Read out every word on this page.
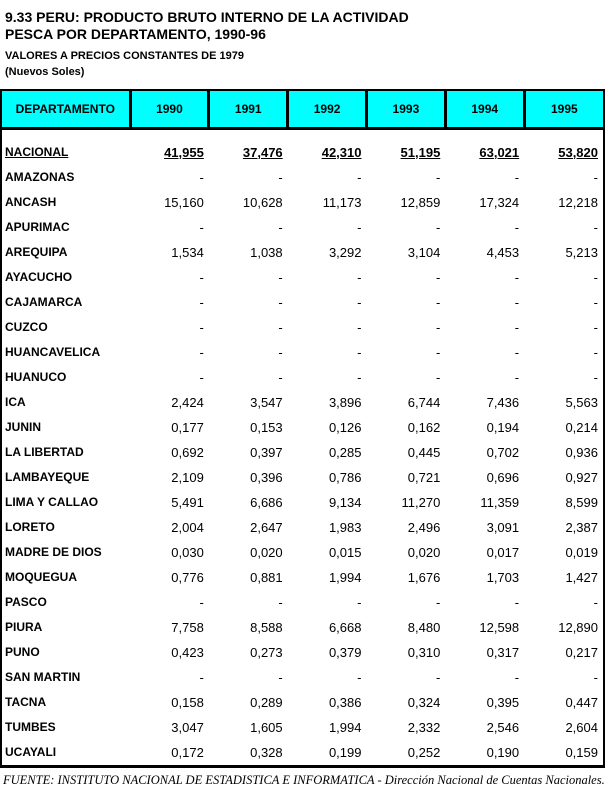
9.33 PERU: PRODUCTO BRUTO INTERNO DE LA ACTIVIDAD
PESCA POR DEPARTAMENTO, 1990-96
VALORES A PRECIOS CONSTANTES DE 1979
(Nuevos Soles)
DEPARTAMENTO	1990	1991	1992	1993	1994	1995
NACIONAL	41,955	37,476	42,310	51,195	63,021	53,820
AMAZONAS	-	-	-	-	-	-
ANCASH	15,160	10,628	11,173	12,859	17,324	12,218
APURIMAC	-	-	-	-	-	-
AREQUIPA	1,534	1,038	3,292	3,104	4,453	5,213
AYACUCHO	-	-	-	-	-	-
CAJAMARCA	-	-	-	-	-	-
CUZCO	-	-	-	-	-	-
HUANCAVELICA	-	-	-	-	-	-
HUANUCO	-	-	-	-	-	-
ICA	2,424	3,547	3,896	6,744	7,436	5,563
JUNIN	0,177	0,153	0,126	0,162	0,194	0,214
LA LIBERTAD	0,692	0,397	0,285	0,445	0,702	0,936
LAMBAYEQUE	2,109	0,396	0,786	0,721	0,696	0,927
LIMA Y CALLAO	5,491	6,686	9,134	11,270	11,359	8,599
LORETO	2,004	2,647	1,983	2,496	3,091	2,387
MADRE DE DIOS	0,030	0,020	0,015	0,020	0,017	0,019
MOQUEGUA	0,776	0,881	1,994	1,676	1,703	1,427
PASCO	-	-	-	-	-	-
PIURA	7,758	8,588	6,668	8,480	12,598	12,890
PUNO	0,423	0,273	0,379	0,310	0,317	0,217
SAN MARTIN	-	-	-	-	-	-
TACNA	0,158	0,289	0,386	0,324	0,395	0,447
TUMBES	3,047	1,605	1,994	2,332	2,546	2,604
UCAYALI	0,172	0,328	0,199	0,252	0,190	0,159
FUENTE: INSTITUTO NACIONAL DE ESTADISTICA E INFORMATICA - Dirección Nacional de Cuentas Nacionales.
